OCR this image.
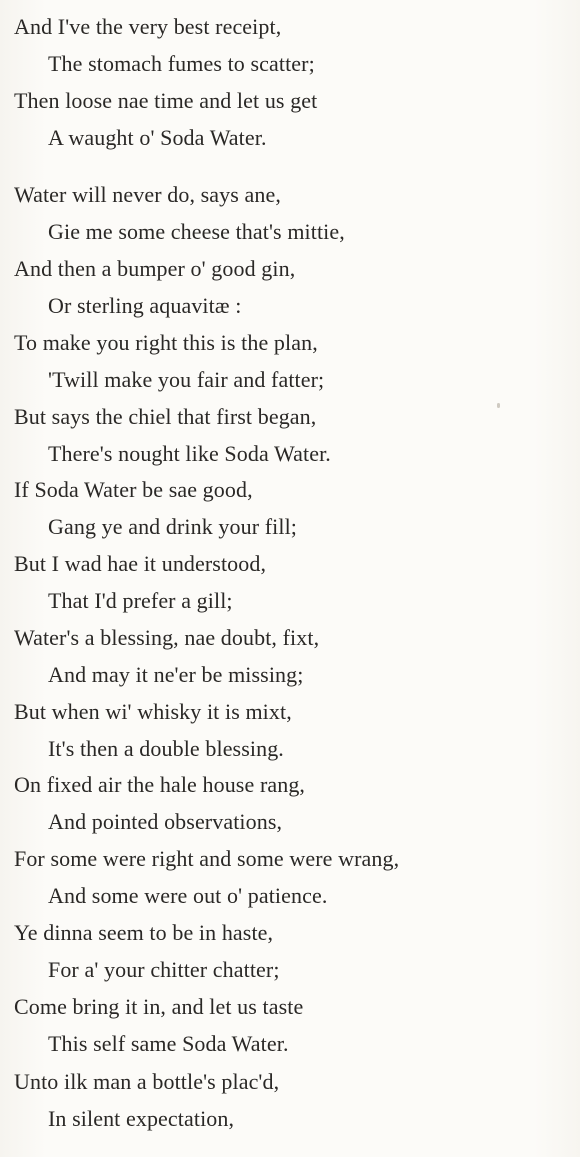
And I've the very best receipt,
The stomach fumes to scatter;
Then loose nae time and let us get
A waught o' Soda Water.
Water will never do, says ane,
Gie me some cheese that's mittie,
And then a bumper o' good gin,
Or sterling aquavitæ :
To make you right this is the plan,
'Twill make you fair and fatter;
But says the chiel that first began,
There's nought like Soda Water.
If Soda Water be sae good,
Gang ye and drink your fill;
But I wad hae it understood,
That I'd prefer a gill;
Water's a blessing, nae doubt, fixt,
And may it ne'er be missing;
But when wi' whisky it is mixt,
It's then a double blessing.
On fixed air the hale house rang,
And pointed observations,
For some were right and some were wrang,
And some were out o' patience.
Ye dinna seem to be in haste,
For a' your chitter chatter;
Come bring it in, and let us taste
This self same Soda Water.
Unto ilk man a bottle's plac'd,
In silent expectation,
